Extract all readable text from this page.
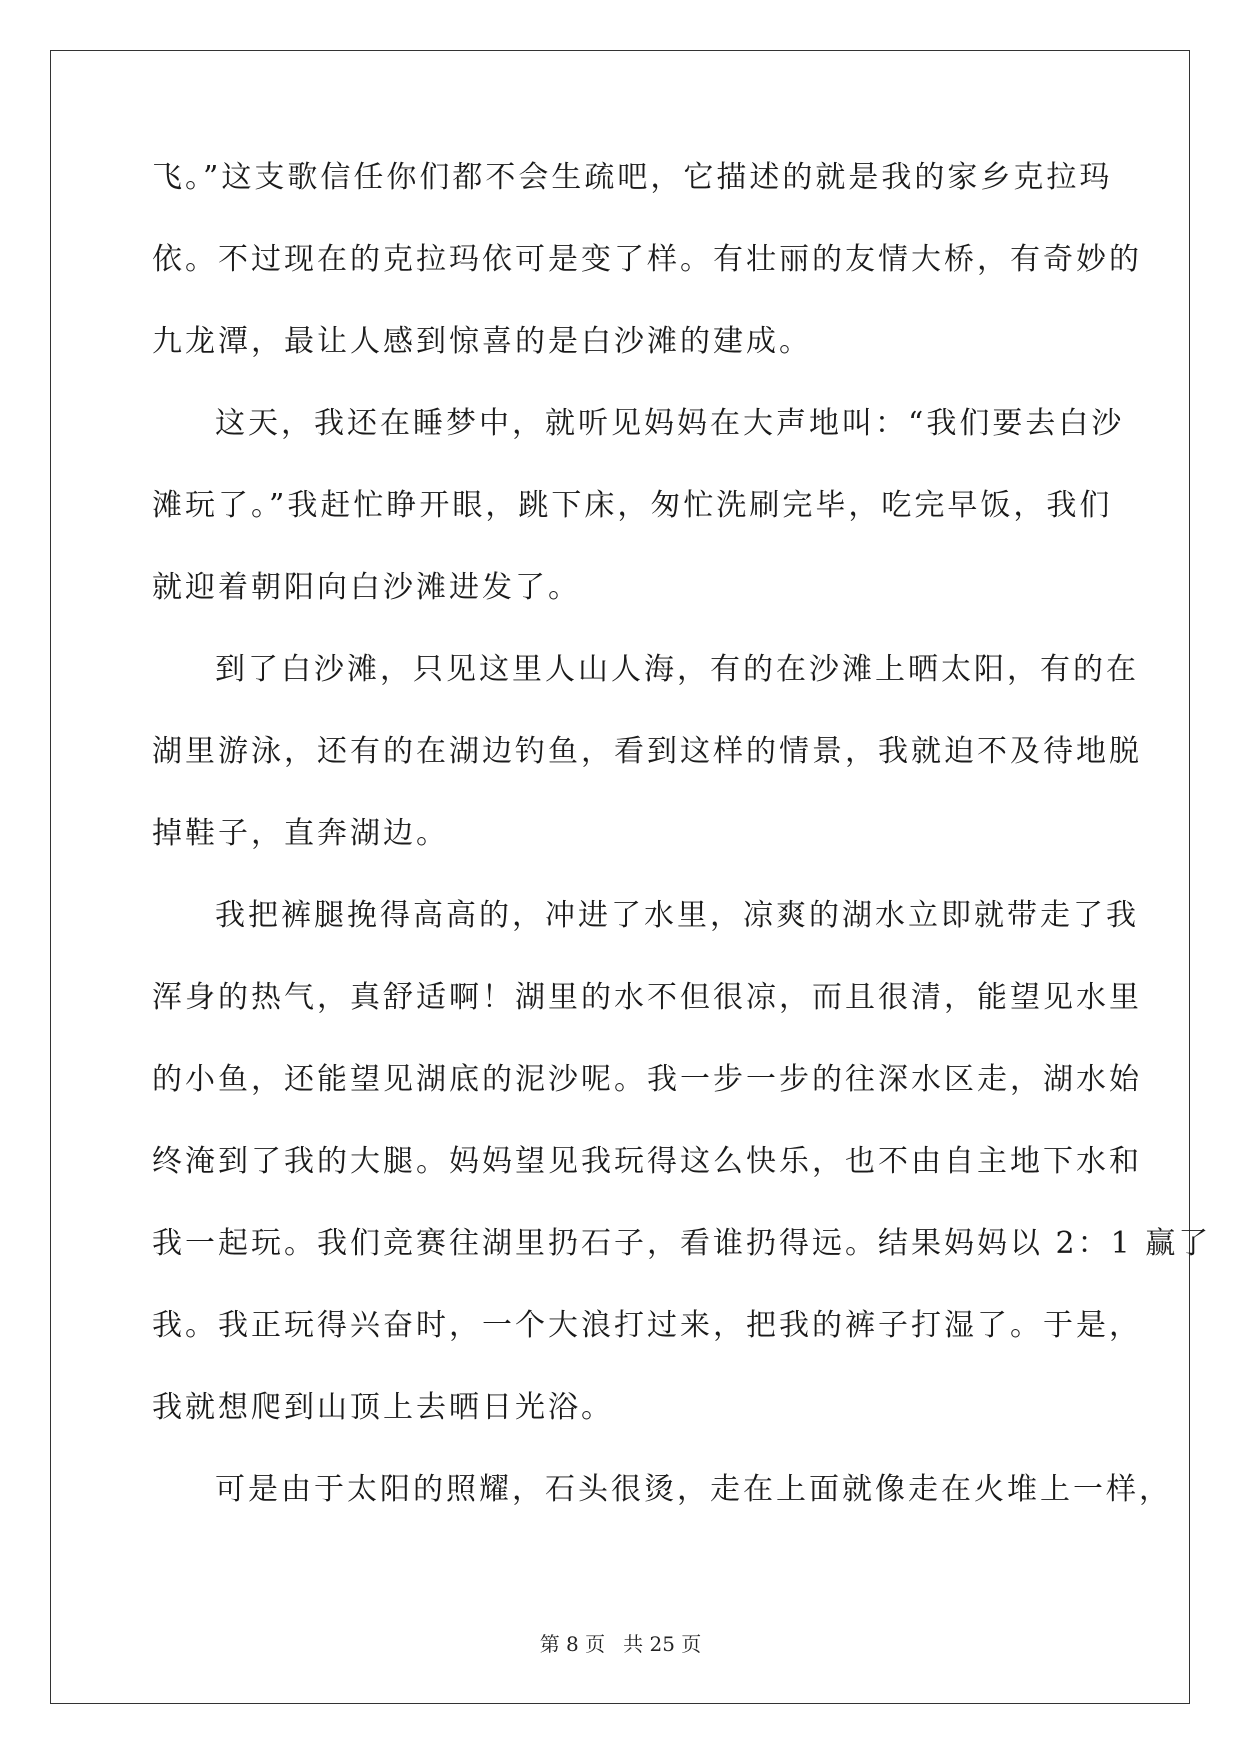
飞。”这支歌信任你们都不会生疏吧，它描述的就是我的家乡克拉玛
依。不过现在的克拉玛依可是变了样。有壮丽的友情大桥，有奇妙的
九龙潭，最让人感到惊喜的是白沙滩的建成。
这天，我还在睡梦中，就听见妈妈在大声地叫：“我们要去白沙
滩玩了。”我赶忙睁开眼，跳下床，匆忙洗刷完毕，吃完早饭，我们
就迎着朝阳向白沙滩进发了。
到了白沙滩，只见这里人山人海，有的在沙滩上晒太阳，有的在
湖里游泳，还有的在湖边钓鱼，看到这样的情景，我就迫不及待地脱
掉鞋子，直奔湖边。
我把裤腿挽得高高的，冲进了水里，凉爽的湖水立即就带走了我
浑身的热气，真舒适啊！湖里的水不但很凉，而且很清，能望见水里
的小鱼，还能望见湖底的泥沙呢。我一步一步的往深水区走，湖水始
终淹到了我的大腿。妈妈望见我玩得这么快乐，也不由自主地下水和
我一起玩。我们竞赛往湖里扔石子，看谁扔得远。结果妈妈以 2：1 赢了
我。我正玩得兴奋时，一个大浪打过来，把我的裤子打湿了。于是，
我就想爬到山顶上去晒日光浴。
可是由于太阳的照耀，石头很烫，走在上面就像走在火堆上一样，
第 8 页 共 25 页
